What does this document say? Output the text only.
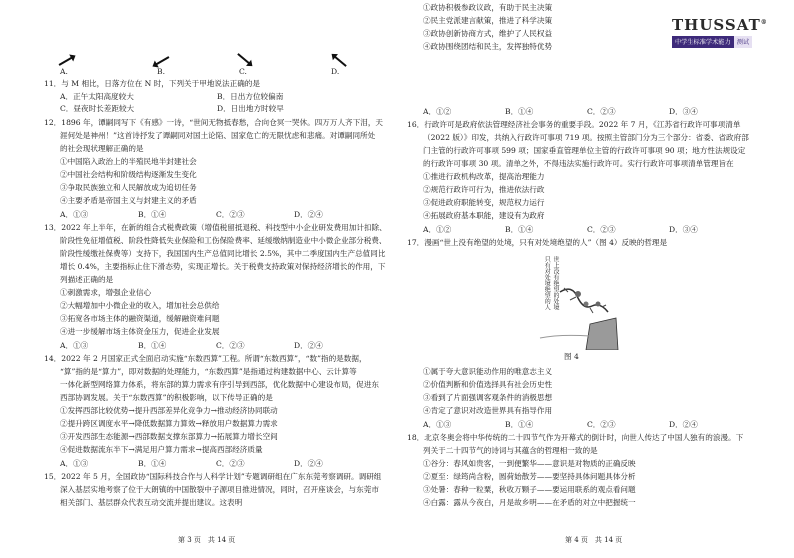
A.	B.	C.	D.
11．与 M 相比，日落方位在 N 时，下列关于甲地说法正确的是
A．正午太阳高度较大	B．日出方位较偏南
C．昼夜时长差距较大	D．日出地方时较早
12．1896 年，谭嗣同写下《有感》一诗，“世间无物抵春愁，合向仓冥一哭休。四万万人齐下泪，天
涯何处是神州！”这首诗抒发了谭嗣同对国土论陷、国家危亡的无限忧虑和悲痛。对谭嗣同所处
的社会现状理解正确的是
①中国陷入政治上的半殖民地半封建社会
②中国社会结构和阶级结构逐渐发生变化
③争取民族独立和人民解放成为追切任务
④主要矛盾是帝国主义与封建主义的矛盾
A．①③	B．①④	C．②③	D．②④
13．2022 年上半年，在新的组合式税费政策（增值税留抵退税、科技型中小企业研发费用加计扣除、
阶段性免征增值税、阶段性降低失业保险和工伤保险费率、延缓缴纳制造业中小微企业部分税费、
阶段性缓缴社保费等）支持下，我国国内生产总值同比增长 2.5%，其中二季度国内生产总值同比
增长 0.4%，主要指标止住下滑态势，实现正增长。关于税费支持政策对保持经济增长的作用，下
列描述正确的是
①刺激需求，增强企业信心
②大幅增加中小微企业的收入，增加社会总供给
③拓宽各市场主体的融资渠道，缓解融资难问题
④进一步缓解市场主体资金压力，促进企业发展
A．①③	B．①④	C．②③	D．②④
14．2022 年 2 月国家正式全面启动实施“东数西算”工程。所谓“东数西算”，“数”指的是数据，
“算”指的是“算力”，即对数据的处理能力，“东数西算”是指通过构建数据中心、云计算等
一体化新型网络算力体系，将东部的算力需求有序引导到西部，优化数据中心建设布局，促进东
西部协调发展。关于“东数西算”的积极影响，以下传导正确的是
①发挥西部比较优势→提升西部差异化竞争力→推动经济协同联动
②提升跨区调度水平→降低数据算力算效→释放用户数据算力需求
③开发西部生态能源→西部数据支撑东部算力→拓展算力增长空间
④促进数据流东半下→满足用户算力需求→提高西部经济质量
A．①③	B．①④	C．②③	D．②④
15．2022 年 5 月，全国政协“国际科技合作与人科学计划”专题调研组在广东东莞考察调研。调研组
深入基层实地考察了位于大朗镇的中国散裂中子源项目推进情况，同时，召开座谈会，与东莞市
相关部门、基层群众代表互动交流并提出建议。这表明
第 3 页　共 14 页
THUSSAT®
中学生标准学术能力 测试
①政协积极参政议政，有助于民主决策
②民主党派建言献策，推进了科学决策
③政协创新协商方式，维护了人民权益
④政协围绕团结和民主，发挥独特优势
A．①②	B．①④	C．②③	D．③④
16．行政许可是政府依法管理经济社会事务的重要手段。2022 年 7 月，《江苏省行政许可事项清单
（2022 版）》印发，共纳入行政许可事项 719 项。按照主管部门分为三个部分：省委、省政府部
门主管的行政许可事项 599 项；国家垂直管理单位主管的行政许可事项 90 项；地方性法规设定
的行政许可事项 30 项。清单之外，不得违法实施行政许可。实行行政许可事项清单管理旨在
①推进行政机构改革，提高治理能力
②规范行政许可行为，推进依法行政
③促进政府职能转变，规范权力运行
④拓展政府基本职能，建设有为政府
A．①②	B．①④	C．②③	D．③④
17．漫画“世上没有绝望的处境，只有对处境绝望的人”（图 4）反映的哲理是
世上没有绝望的处境
只有对处境绝望的人
图 4
①属于夸大意识能动作用的唯意志主义
②价值判断和价值选择具有社会历史性
③看到了片面强调客观条件的消极思想
④肯定了意识对改造世界具有指导作用
A．①③	B．①④	C．②③	D．②④
18．北京冬奥会将中华传统的二十四节气作为开幕式的倒计时，向世人传达了中国人独有的浪漫。下
列关于二十四节气的诗词与其蕴含的哲理相一致的是
①谷分：春风如贵客，一到便繁华——意识是对物质的正确反映
②夏至：绿筠尚含粉，圆荷始散芳——要坚持具体问题具体分析
③处暑：春种一粒粟，秋收万颗子——要运用联系的观点看问题
④白露：露从今夜白，月是故乡明——在矛盾的对立中把握统一
第 4 页　共 14 页
